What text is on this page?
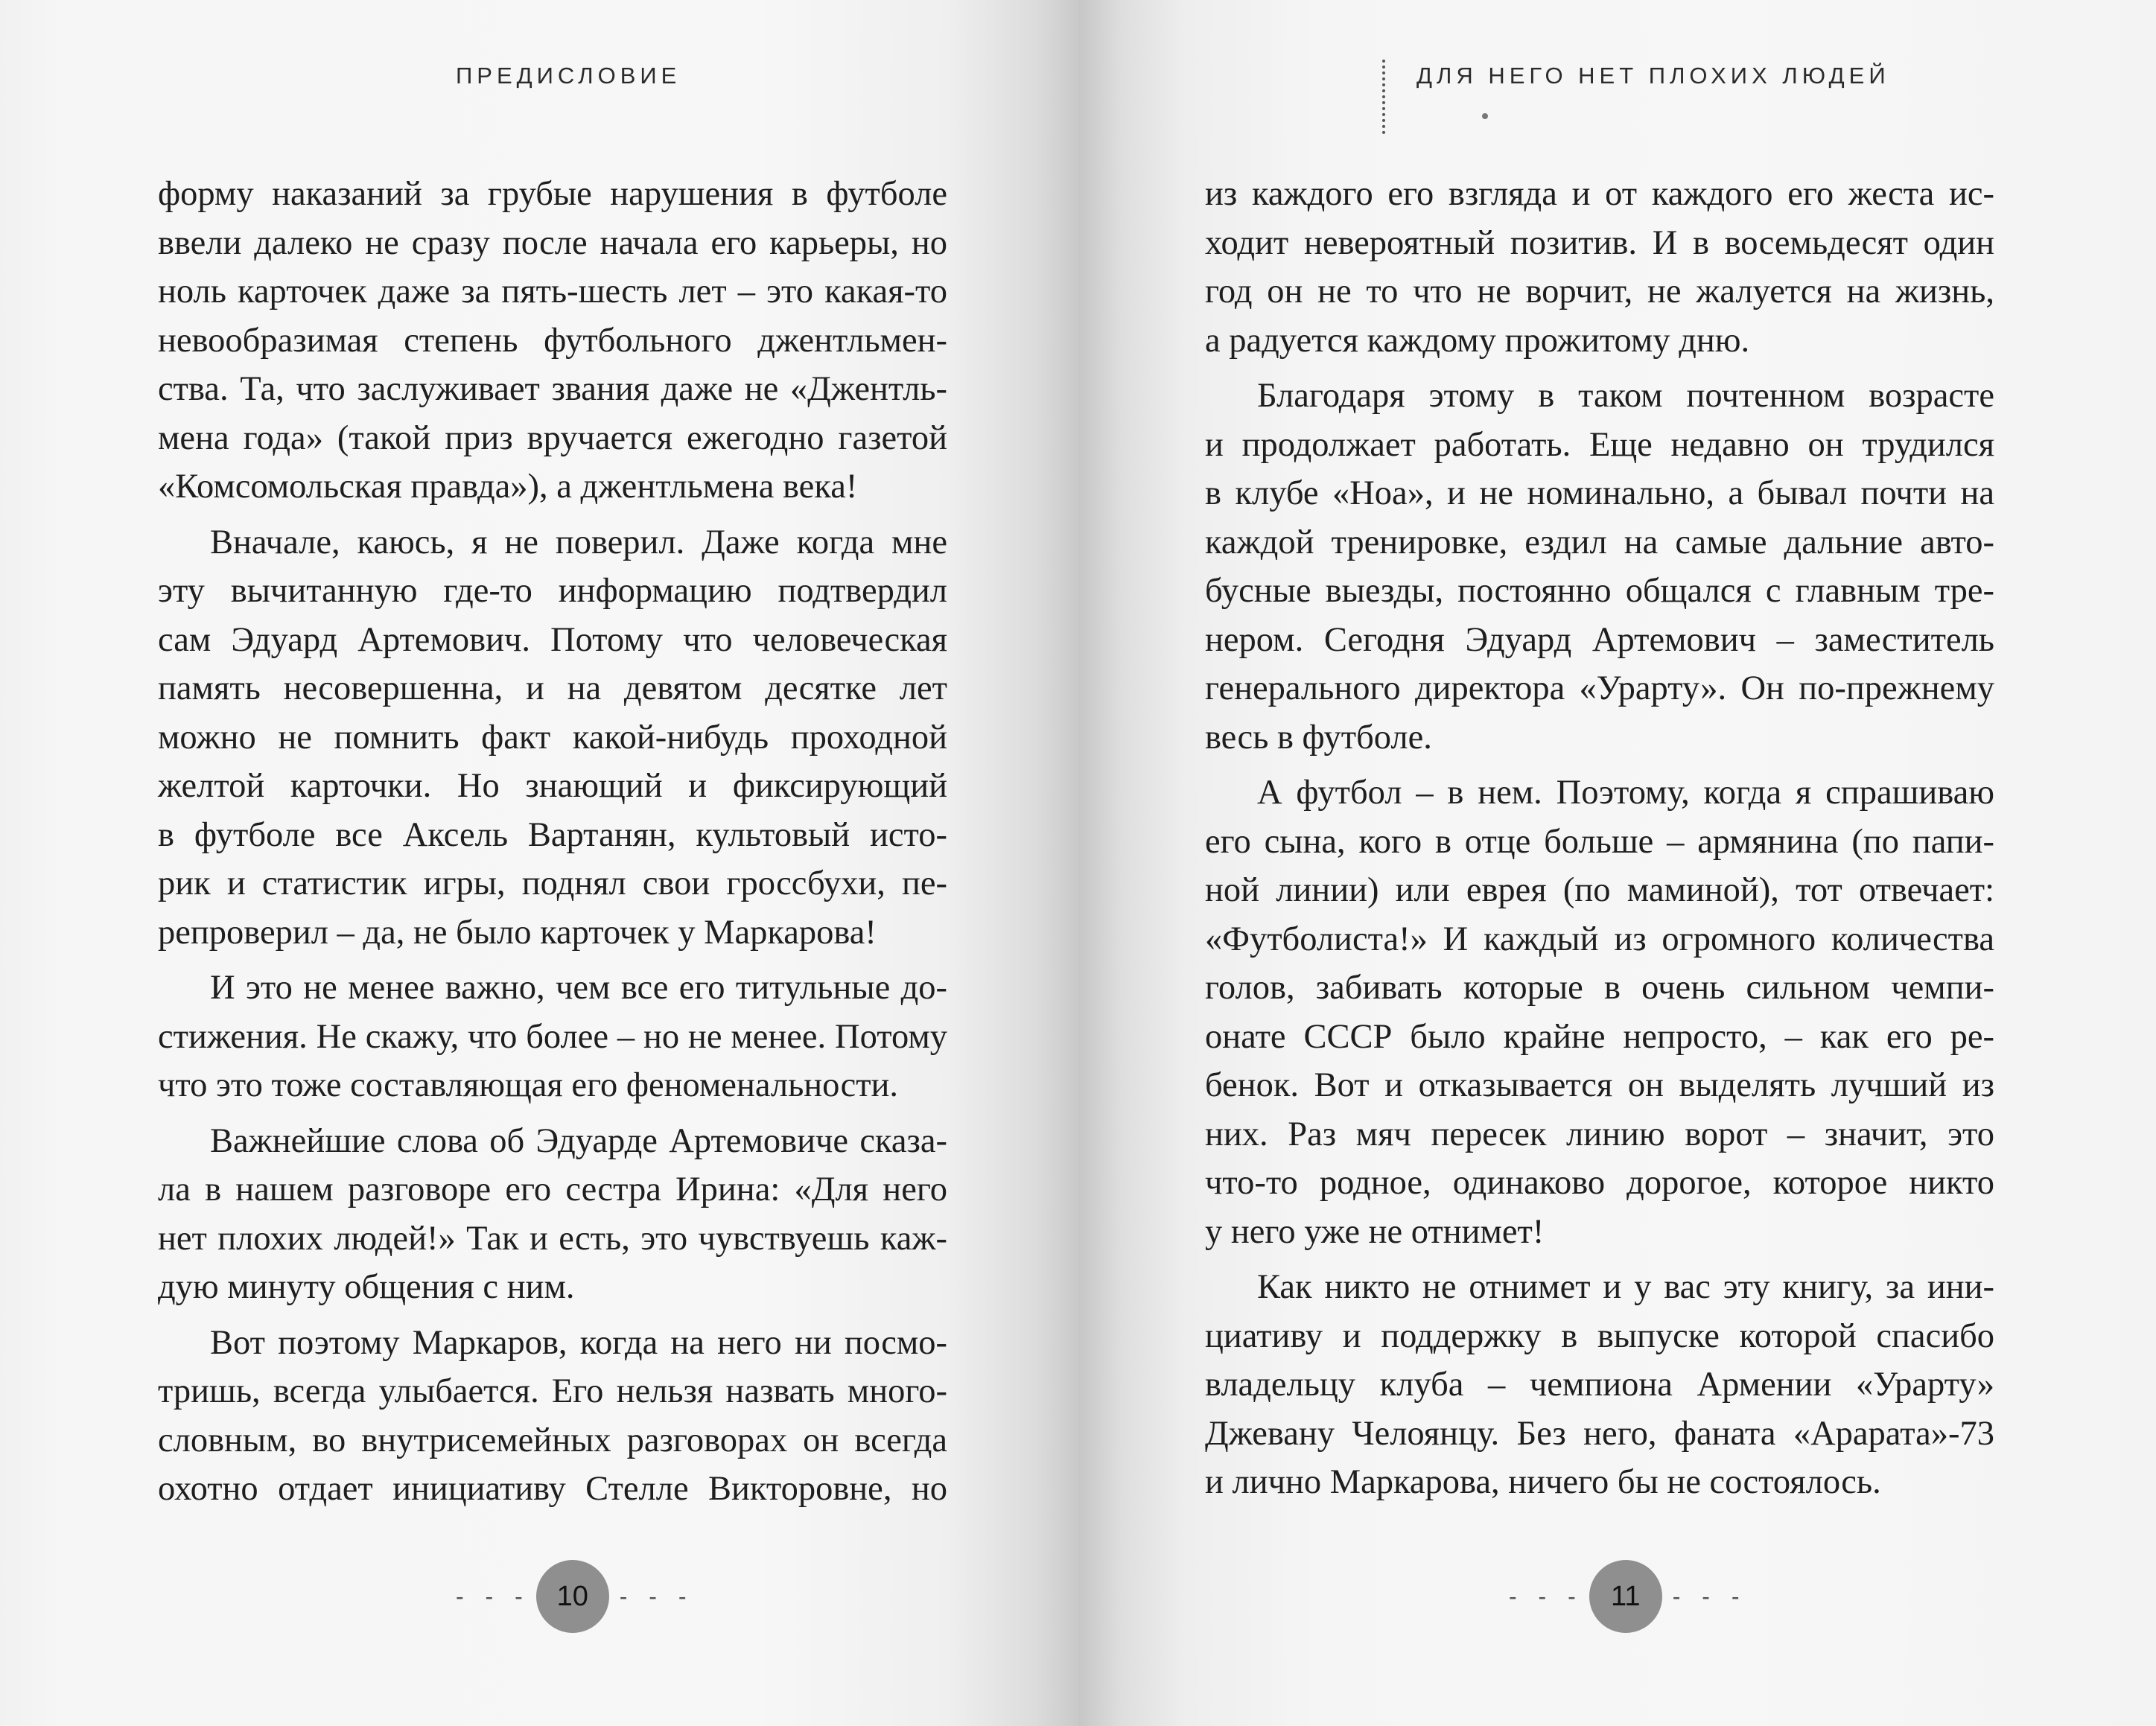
ПРЕДИСЛОВИЕ
форму наказаний за грубые нарушения в футболе
ввели далеко не сразу после начала его карьеры, но
ноль карточек даже за пять-шесть лет – это какая-то
невообразимая степень футбольного джентльмен-
ства. Та, что заслуживает звания даже не «Джентль-
мена года» (такой приз вручается ежегодно газетой
«Комсомольская правда»), а джентльмена века!
Вначале, каюсь, я не поверил. Даже когда мне
эту вычитанную где-то информацию подтвердил
сам Эдуард Артемович. Потому что человеческая
память несовершенна, и на девятом десятке лет
можно не помнить факт какой-нибудь проходной
желтой карточки. Но знающий и фиксирующий
в футболе все Аксель Вартанян, культовый исто-
рик и статистик игры, поднял свои гроссбухи, пе-
репроверил – да, не было карточек у Маркарова!
И это не менее важно, чем все его титульные до-
стижения. Не скажу, что более – но не менее. Потому
что это тоже составляющая его феноменальности.
Важнейшие слова об Эдуарде Артемовиче сказа-
ла в нашем разговоре его сестра Ирина: «Для него
нет плохих людей!» Так и есть, это чувствуешь каж-
дую минуту общения с ним.
Вот поэтому Маркаров, когда на него ни посмо-
тришь, всегда улыбается. Его нельзя назвать много-
словным, во внутрисемейных разговорах он всегда
охотно отдает инициативу Стелле Викторовне, но
- - - 10	- - -
ДЛЯ НЕГО НЕТ ПЛОХИХ ЛЮДЕЙ
из каждого его взгляда и от каждого его жеста ис-
ходит невероятный позитив. И в восемьдесят один
год он не то что не ворчит, не жалуется на жизнь,
а радуется каждому прожитому дню.
Благодаря этому в таком почтенном возрасте
и продолжает работать. Еще недавно он трудился
в клубе «Ноа», и не номинально, а бывал почти на
каждой тренировке, ездил на самые дальние авто-
бусные выезды, постоянно общался с главным тре-
нером. Сегодня Эдуард Артемович – заместитель
генерального директора «Урарту». Он по-прежнему
весь в футболе.
А футбол – в нем. Поэтому, когда я спрашиваю
его сына, кого в отце больше – армянина (по папи-
ной линии) или еврея (по маминой), тот отвечает:
«Футболиста!» И каждый из огромного количества
голов, забивать которые в очень сильном чемпи-
онате СССР было крайне непросто, – как его ре-
бенок. Вот и отказывается он выделять лучший из
них. Раз мяч пересек линию ворот – значит, это
что-то родное, одинаково дорогое, которое никто
у него уже не отнимет!
Как никто не отнимет и у вас эту книгу, за ини-
циативу и поддержку в выпуске которой спасибо
владельцу клуба – чемпиона Армении «Урарту»
Джевану Челоянцу. Без него, фаната «Арарата»-73
и лично Маркарова, ничего бы не состоялось.
- - - 11	- - -
